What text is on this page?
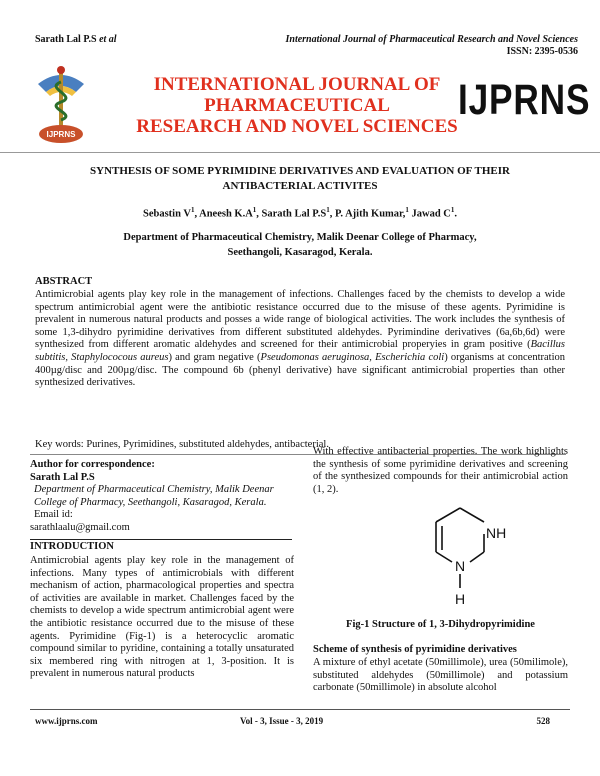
Sarath Lal P.S et al	International Journal of Pharmaceutical Research and Novel Sciences
ISSN: 2395-0536
IJPRNS
INTERNATIONAL JOURNAL OF
PHARMACEUTICAL
RESEARCH AND NOVEL SCIENCES
IJPRNS
SYNTHESIS OF SOME PYRIMIDINE DERIVATIVES AND EVALUATION OF THEIR
ANTIBACTERIAL ACTIVITES
Sebastin $V^1$, Aneesh $K.A^1$, Sarath Lal $P.S^1$, P. Ajith Kumar,$^1$ Jawad $C^1$.
Department of Pharmaceutical Chemistry, Malik Deenar College of Pharmacy,
Seethangoli, Kasaragod, Kerala.
ABSTRACT
Antimicrobial agents play key role in the management of infections. Challenges faced by the chemists to develop a wide spectrum antimicrobial agent were the antibiotic resistance occurred due to the misuse of these agents. Pyrimidine is prevalent in numerous natural products and posses a wide range of biological activities. The work includes the synthesis of some 1,3-dihydro pyrimidine derivatives from different substituted aldehydes. Pyrimindine derivatives (6a,6b,6d) were synthesized from different aromatic aldehydes and screened for their antimicrobial properyies in gram positive (Bacillus subtitis, Staphylococous aureus) and gram negative (Pseudomonas aeruginosa, Escherichia coli) organisms at concentration 400µg/disc and 200µg/disc. The compound 6b (phenyl derivative) have significant antimicrobial properties than other synthesized derivatives.
Key words: Purines, Pyrimidines, substituted aldehydes, antibacterial.
Author for correspondence:
Sarath Lal P.S
Department of Pharmaceutical Chemistry, Malik Deenar College of Pharmacy, Seethangoli, Kasaragod, Kerala. Email id:
sarathlaalu@gmail.com
INTRODUCTION
Antimicrobial agents play key role in the management of infections. Many types of antimicrobials with different mechanism of action, pharmacological properties and spectra of activities are available in market. Challenges faced by the chemists to develop a wide spectrum antimicrobial agent were the antibiotic resistance occurred due to the misuse of these agents. Pyrimidine (Fig-1) is a heterocyclic aromatic compound similar to pyridine, containing a totally unsaturated six membered ring with nitrogen at 1, 3-position. It is prevalent in numerous natural products
With effective antibacterial properties. The work highlights the synthesis of some pyrimidine derivatives and screening of the synthesized compounds for their antimicrobial action (1, 2).
NH
N
H
Fig-1 Structure of 1, 3-Dihydropyrimidine
Scheme of synthesis of pyrimidine derivatives
A mixture of ethyl acetate (50millimole), urea (50milimole), substituted aldehydes (50millimole) and potassium carbonate (50millimole) in absolute alcohol
www.ijprns.com	Vol - 3, Issue - 3, 2019	528
